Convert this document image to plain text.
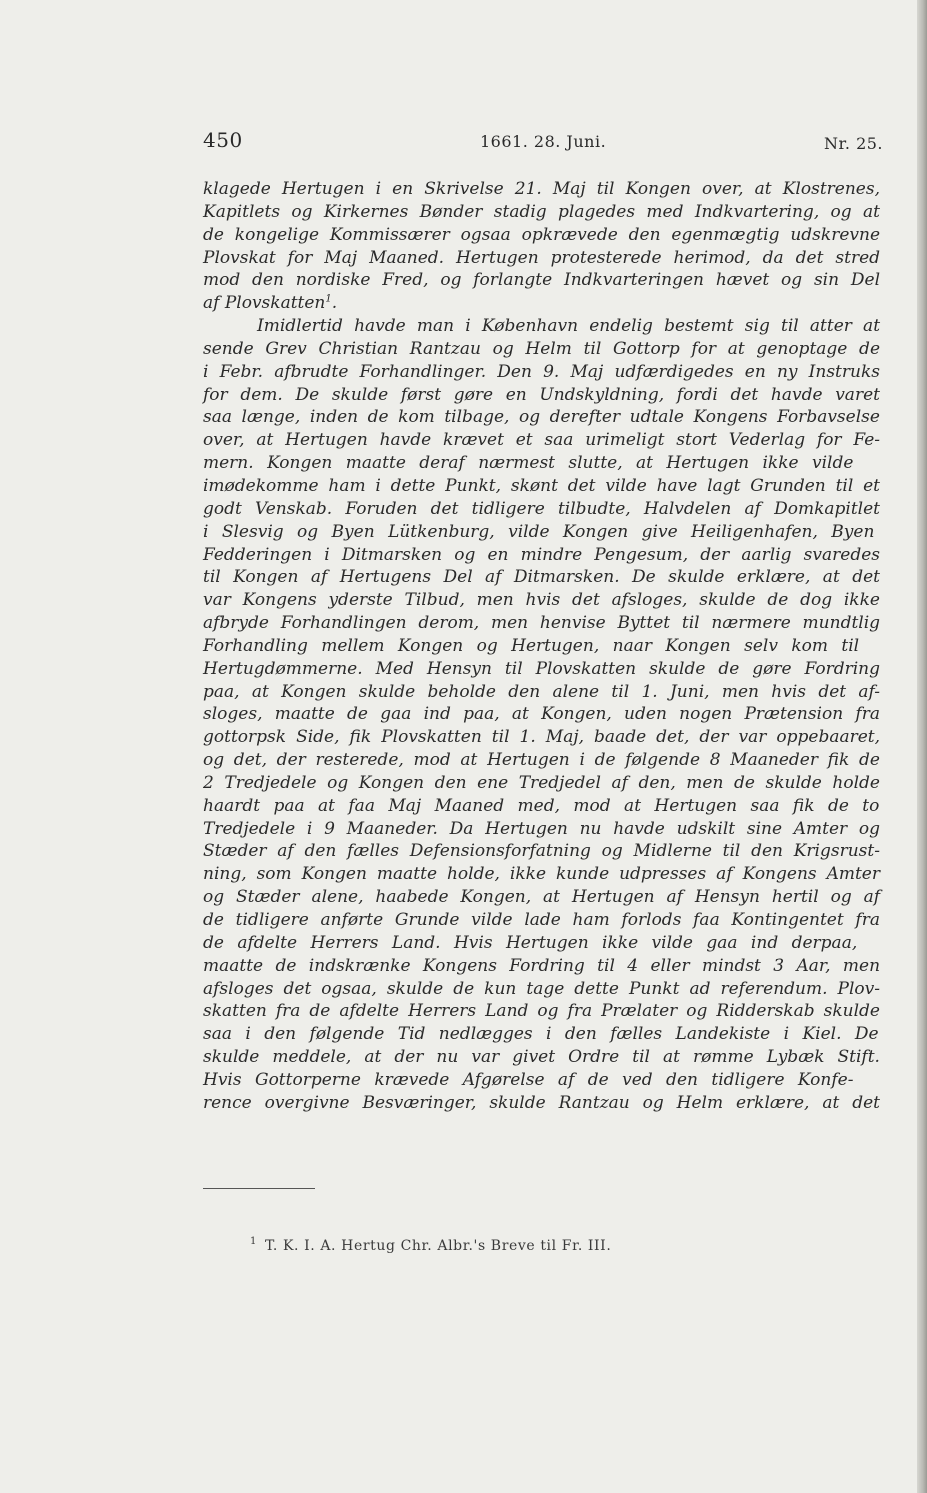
450	1661. 28. Juni.	Nr. 25.
klagede Hertugen i en Skrivelse 21. Maj til Kongen over, at Klostrenes,
Kapitlets og Kirkernes Bønder stadig plagedes med Indkvartering, og at
de kongelige Kommissærer ogsaa opkrævede den egenmægtig udskrevne
Plovskat for Maj Maaned. Hertugen protesterede herimod, da det stred
mod den nordiske Fred, og forlangte Indkvarteringen hævet og sin Del
af Plovskatten$^1$.
Imidlertid havde man i København endelig bestemt sig til atter at
sende Grev Christian Rantzau og Helm til Gottorp for at genoptage de
i Febr. afbrudte Forhandlinger. Den 9. Maj udfærdigedes en ny Instruks
for dem. De skulde først gøre en Undskyldning, fordi det havde varet
saa længe, inden de kom tilbage, og derefter udtale Kongens Forbavselse
over, at Hertugen havde krævet et saa urimeligt stort Vederlag for Fe-
mern. Kongen maatte deraf nærmest slutte, at Hertugen ikke vilde
imødekomme ham i dette Punkt, skønt det vilde have lagt Grunden til et
godt Venskab. Foruden det tidligere tilbudte, Halvdelen af Domkapitlet
i Slesvig og Byen Lütkenburg, vilde Kongen give Heiligenhafen, Byen
Fedderingen i Ditmarsken og en mindre Pengesum, der aarlig svaredes
til Kongen af Hertugens Del af Ditmarsken. De skulde erklære, at det
var Kongens yderste Tilbud, men hvis det afsloges, skulde de dog ikke
afbryde Forhandlingen derom, men henvise Byttet til nærmere mundtlig
Forhandling mellem Kongen og Hertugen, naar Kongen selv kom til
Hertugdømmerne. Med Hensyn til Plovskatten skulde de gøre Fordring
paa, at Kongen skulde beholde den alene til 1. Juni, men hvis det af-
sloges, maatte de gaa ind paa, at Kongen, uden nogen Prætension fra
gottorpsk Side, fik Plovskatten til 1. Maj, baade det, der var oppebaaret,
og det, der resterede, mod at Hertugen i de følgende 8 Maaneder fik de
2 Tredjedele og Kongen den ene Tredjedel af den, men de skulde holde
haardt paa at faa Maj Maaned med, mod at Hertugen saa fik de to
Tredjedele i 9 Maaneder. Da Hertugen nu havde udskilt sine Amter og
Stæder af den fælles Defensionsforfatning og Midlerne til den Krigsrust-
ning, som Kongen maatte holde, ikke kunde udpresses af Kongens Amter
og Stæder alene, haabede Kongen, at Hertugen af Hensyn hertil og af
de tidligere anførte Grunde vilde lade ham forlods faa Kontingentet fra
de afdelte Herrers Land. Hvis Hertugen ikke vilde gaa ind derpaa,
maatte de indskrænke Kongens Fordring til 4 eller mindst 3 Aar, men
afsloges det ogsaa, skulde de kun tage dette Punkt ad referendum. Plov-
skatten fra de afdelte Herrers Land og fra Prælater og Ridderskab skulde
saa i den følgende Tid nedlægges i den fælles Landekiste i Kiel. De
skulde meddele, at der nu var givet Ordre til at rømme Lybæk Stift.
Hvis Gottorperne krævede Afgørelse af de ved den tidligere Konfe-
rence overgivne Besværinger, skulde Rantzau og Helm erklære, at det
$^1$ T. K. I. A. Hertug Chr. Albr.'s Breve til Fr. III.
